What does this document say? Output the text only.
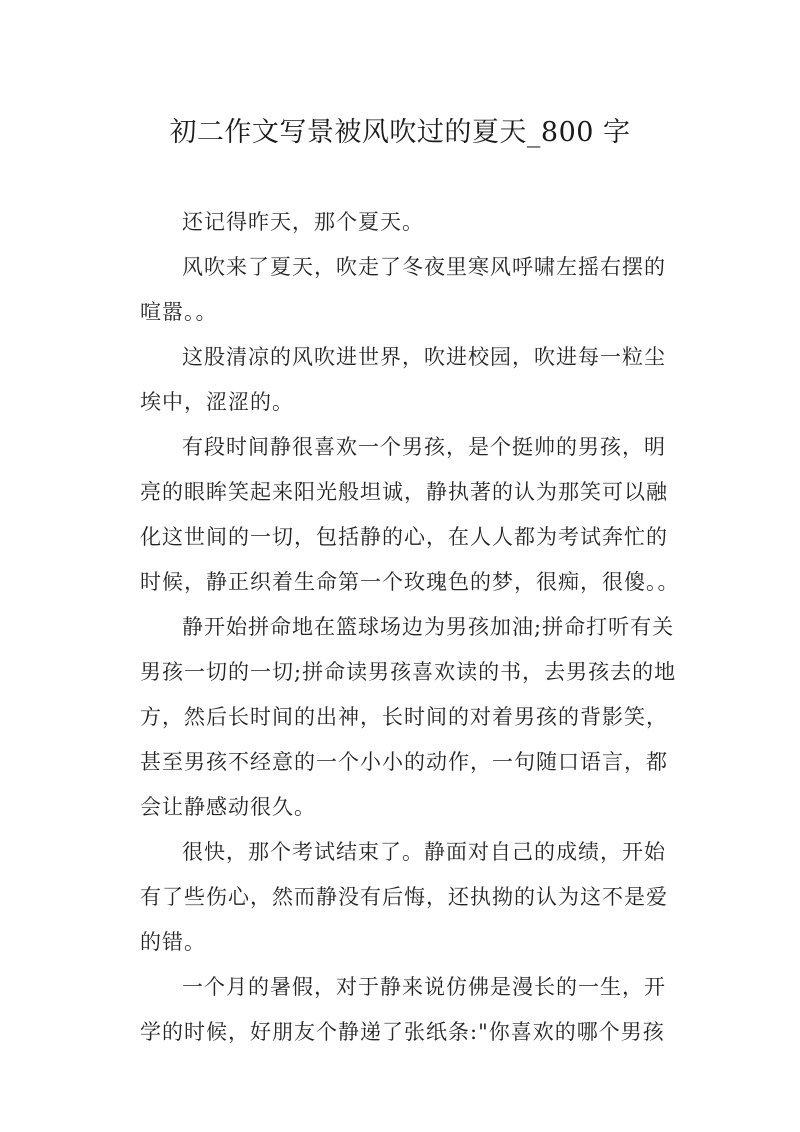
初二作文写景被风吹过的夏天_800 字
还记得昨天，那个夏天。
风吹来了夏天，吹走了冬夜里寒风呼啸左摇右摆的
喧嚣。。
这股清凉的风吹进世界，吹进校园，吹进每一粒尘
埃中，涩涩的。
有段时间静很喜欢一个男孩，是个挺帅的男孩，明
亮的眼眸笑起来阳光般坦诚，静执著的认为那笑可以融
化这世间的一切，包括静的心，在人人都为考试奔忙的
时候，静正织着生命第一个玫瑰色的梦，很痴，很傻。。
静开始拼命地在篮球场边为男孩加油;拼命打听有关
男孩一切的一切;拼命读男孩喜欢读的书，去男孩去的地
方，然后长时间的出神，长时间的对着男孩的背影笑，
甚至男孩不经意的一个小小的动作，一句随口语言，都
会让静感动很久。
很快，那个考试结束了。静面对自己的成绩，开始
有了些伤心，然而静没有后悔，还执拗的认为这不是爱
的错。
一个月的暑假，对于静来说仿佛是漫长的一生，开
学的时候，好朋友个静递了张纸条:"你喜欢的哪个男孩
